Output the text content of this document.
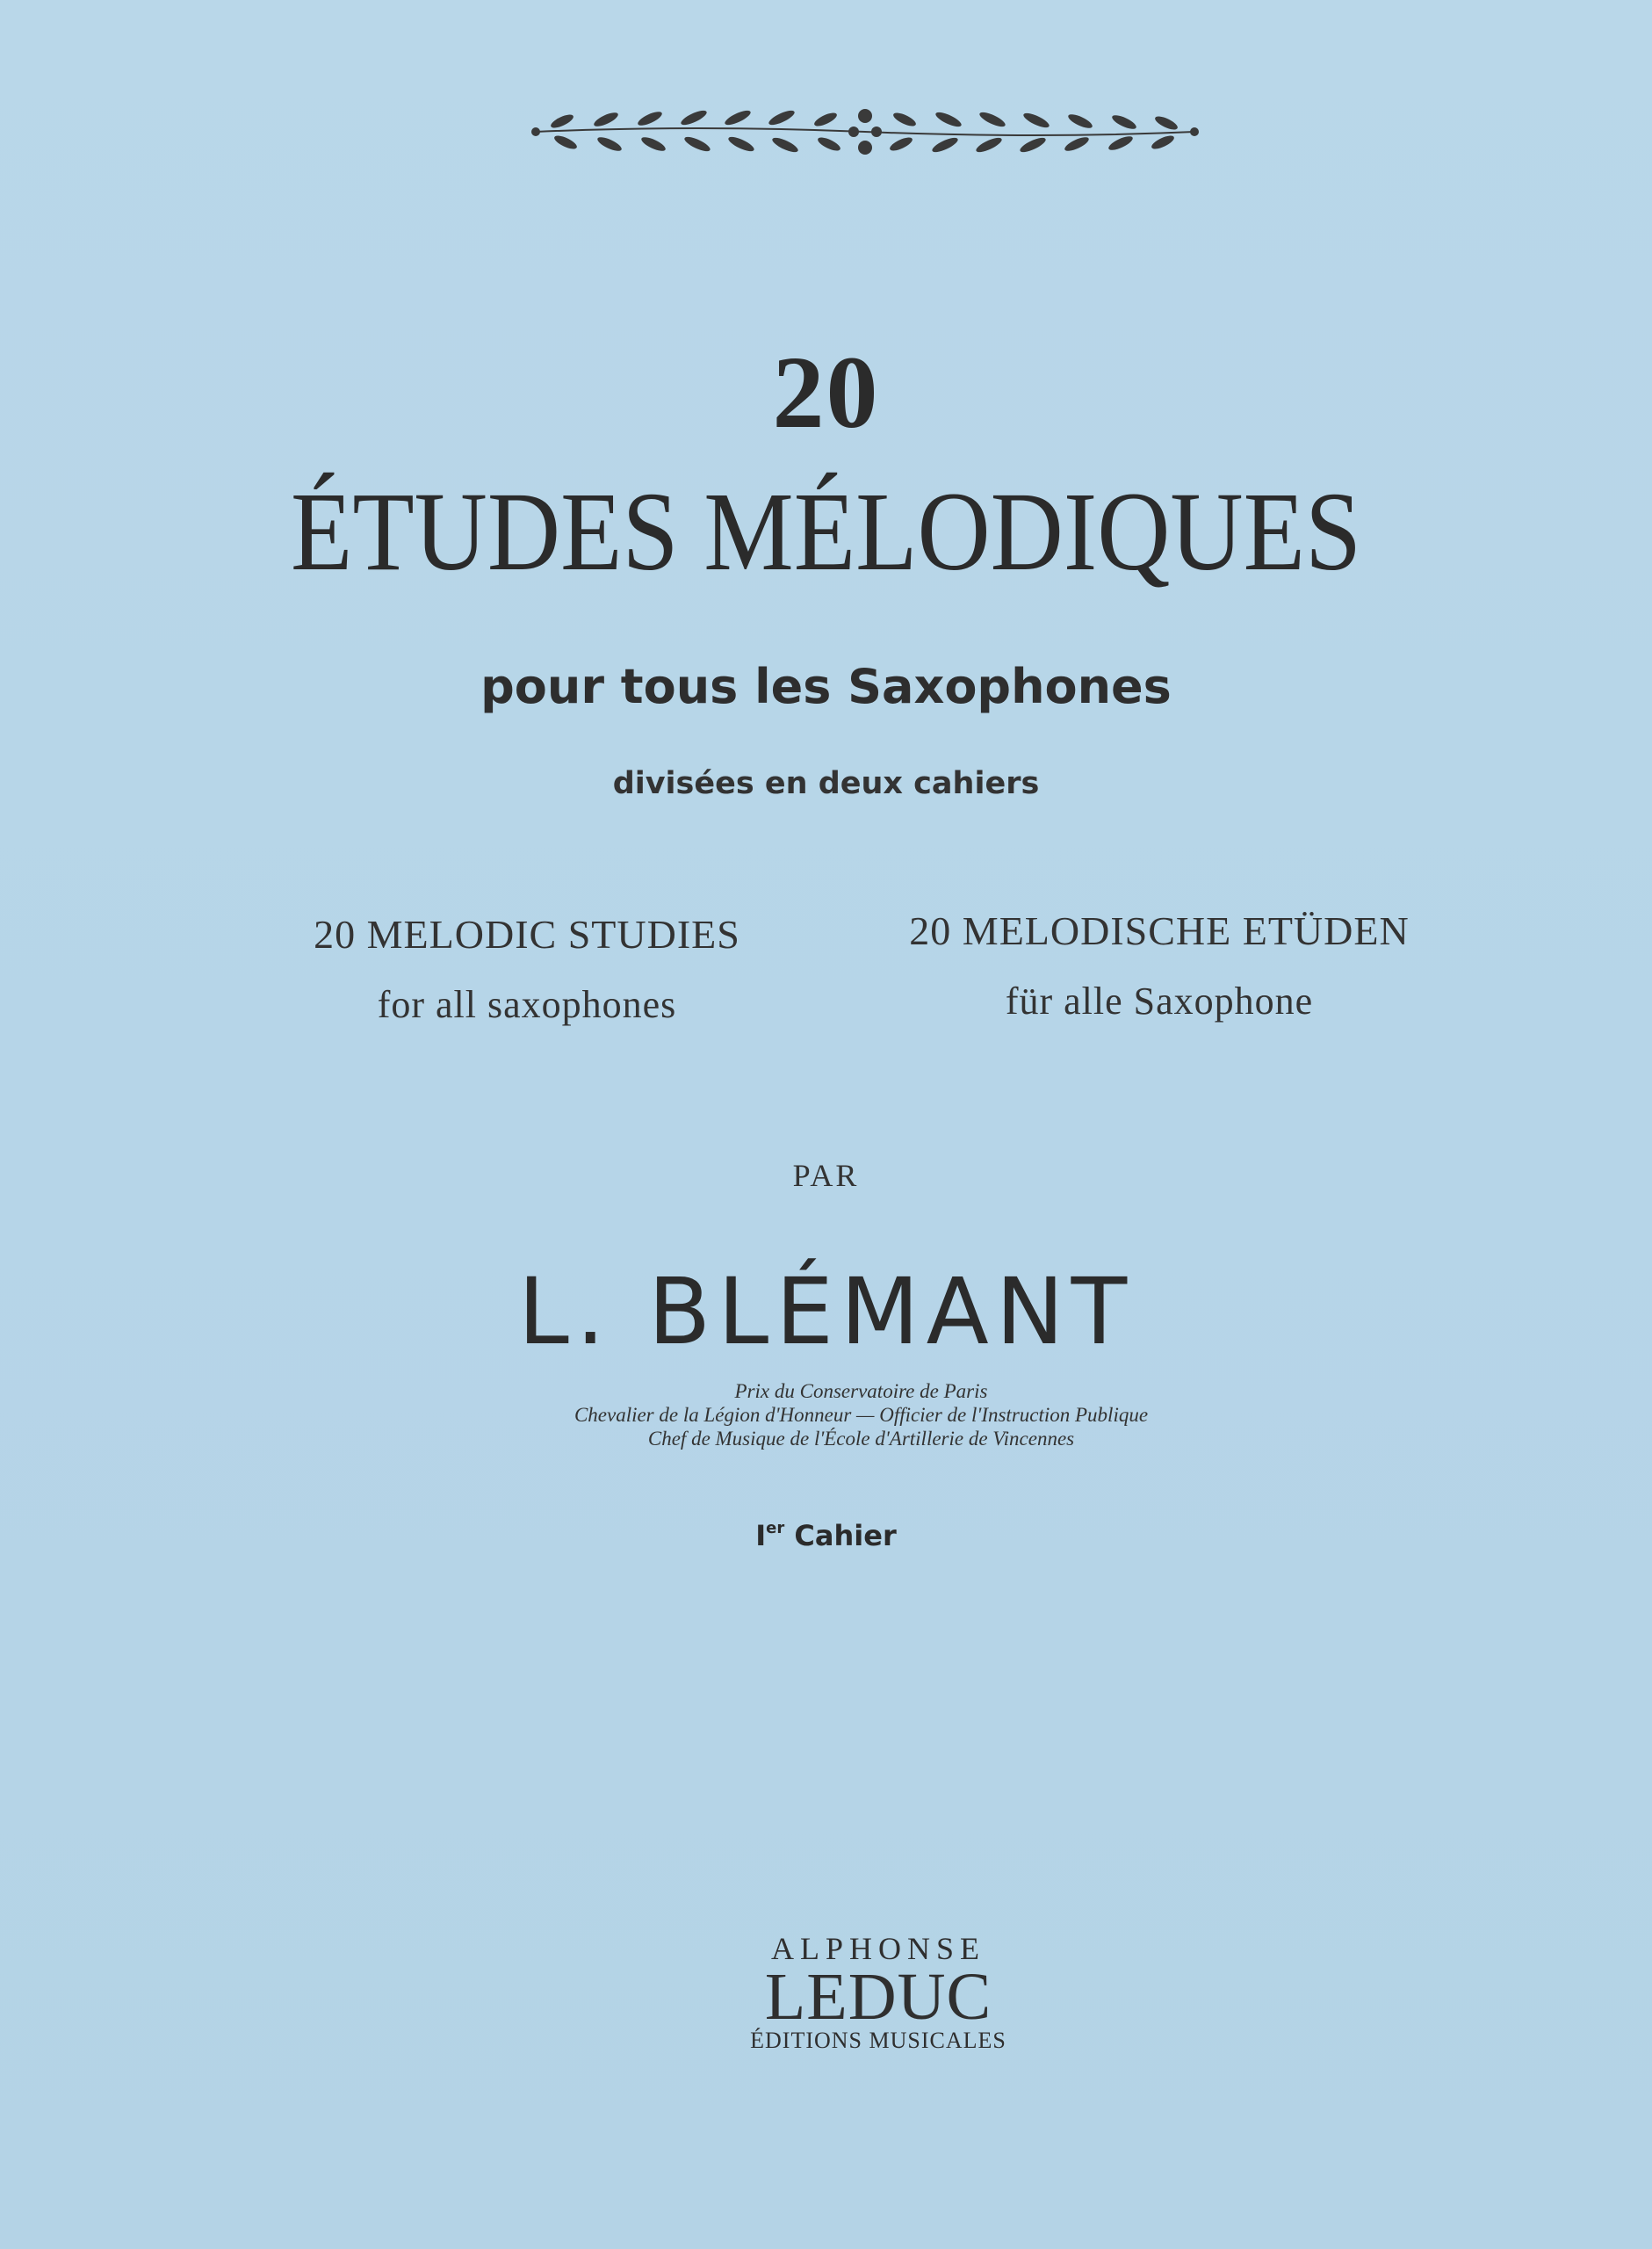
20
ÉTUDES MÉLODIQUES
pour tous les Saxophones
divisées en deux cahiers
20 MELODIC STUDIES
for all saxophones
20 MELODISCHE ETÜDEN
für alle Saxophone
PAR
L. BLÉMANT
Prix du Conservatoire de Paris
Chevalier de la Légion d'Honneur — Officier de l'Instruction Publique
Chef de Musique de l'École d'Artillerie de Vincennes
Ier Cahier
ALPHONSE
LEDUC
ÉDITIONS MUSICALES
